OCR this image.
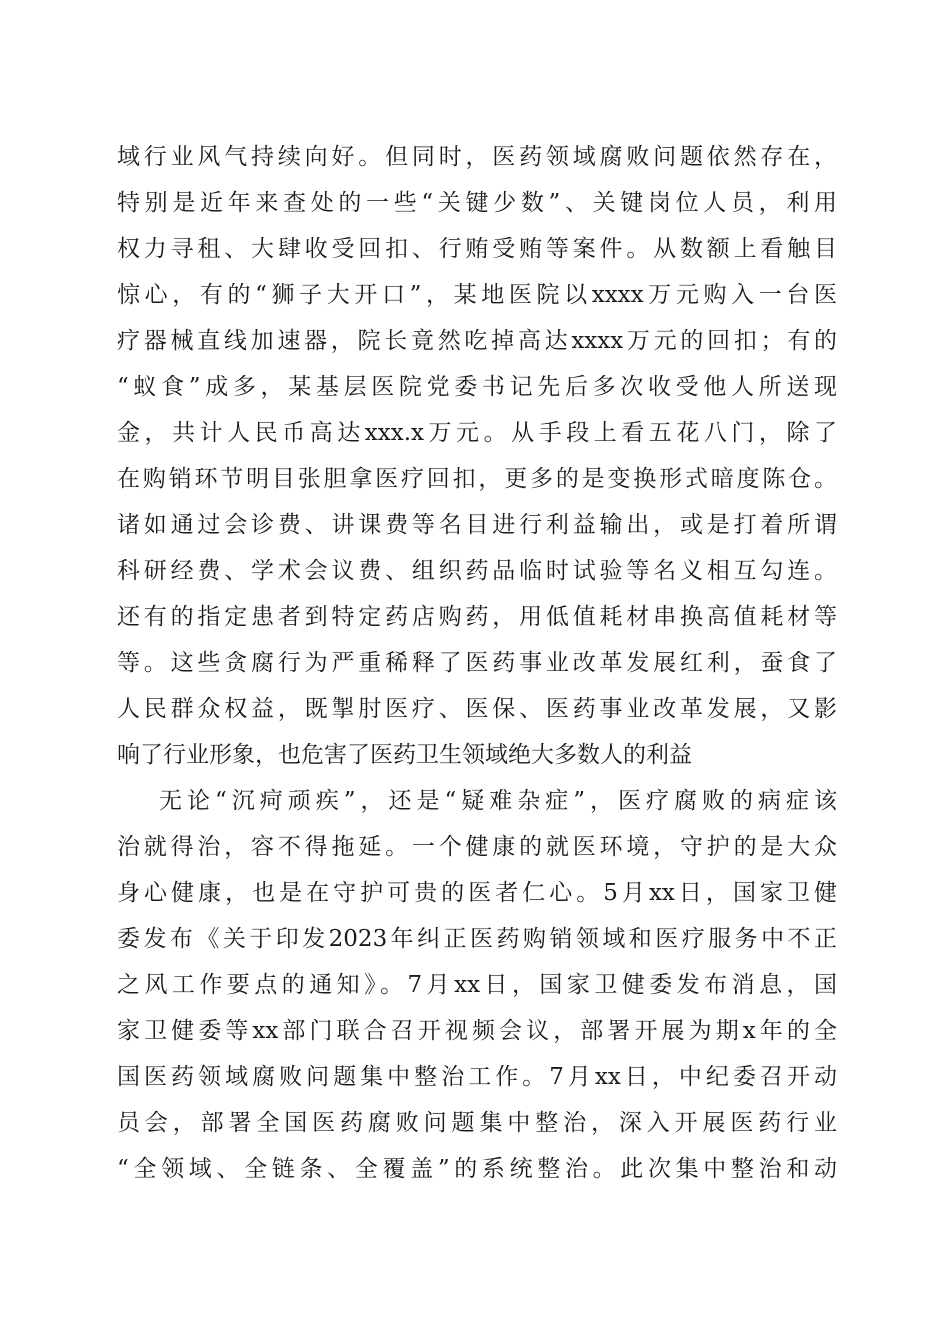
域行业风气持续向好。但同时，医药领域腐败问题依然存在，
特别是近年来查处的一些“关键少数”、关键岗位人员，利用
权力寻租、大肆收受回扣、行贿受贿等案件。从数额上看触目
惊心，有的“狮子大开口”，某地医院以xxxx万元购入一台医
疗器械直线加速器，院长竟然吃掉高达xxxx万元的回扣；有的
“蚁食”成多，某基层医院党委书记先后多次收受他人所送现
金，共计人民币高达xxx.x万元。从手段上看五花八门，除了
在购销环节明目张胆拿医疗回扣，更多的是变换形式暗度陈仓。
诸如通过会诊费、讲课费等名目进行利益输出，或是打着所谓
科研经费、学术会议费、组织药品临时试验等名义相互勾连。
还有的指定患者到特定药店购药，用低值耗材串换高值耗材等
等。这些贪腐行为严重稀释了医药事业改革发展红利，蚕食了
人民群众权益，既掣肘医疗、医保、医药事业改革发展，又影
响了行业形象，也危害了医药卫生领域绝大多数人的利益
无论“沉疴顽疾”，还是“疑难杂症”，医疗腐败的病症该
治就得治，容不得拖延。一个健康的就医环境，守护的是大众
身心健康，也是在守护可贵的医者仁心。5月xx日，国家卫健
委发布《关于印发2023年纠正医药购销领域和医疗服务中不正
之风工作要点的通知》。7月xx日，国家卫健委发布消息，国
家卫健委等xx部门联合召开视频会议，部署开展为期x年的全
国医药领域腐败问题集中整治工作。7月xx日，中纪委召开动
员会，部署全国医药腐败问题集中整治，深入开展医药行业
“全领域、全链条、全覆盖”的系统整治。此次集中整治和动
